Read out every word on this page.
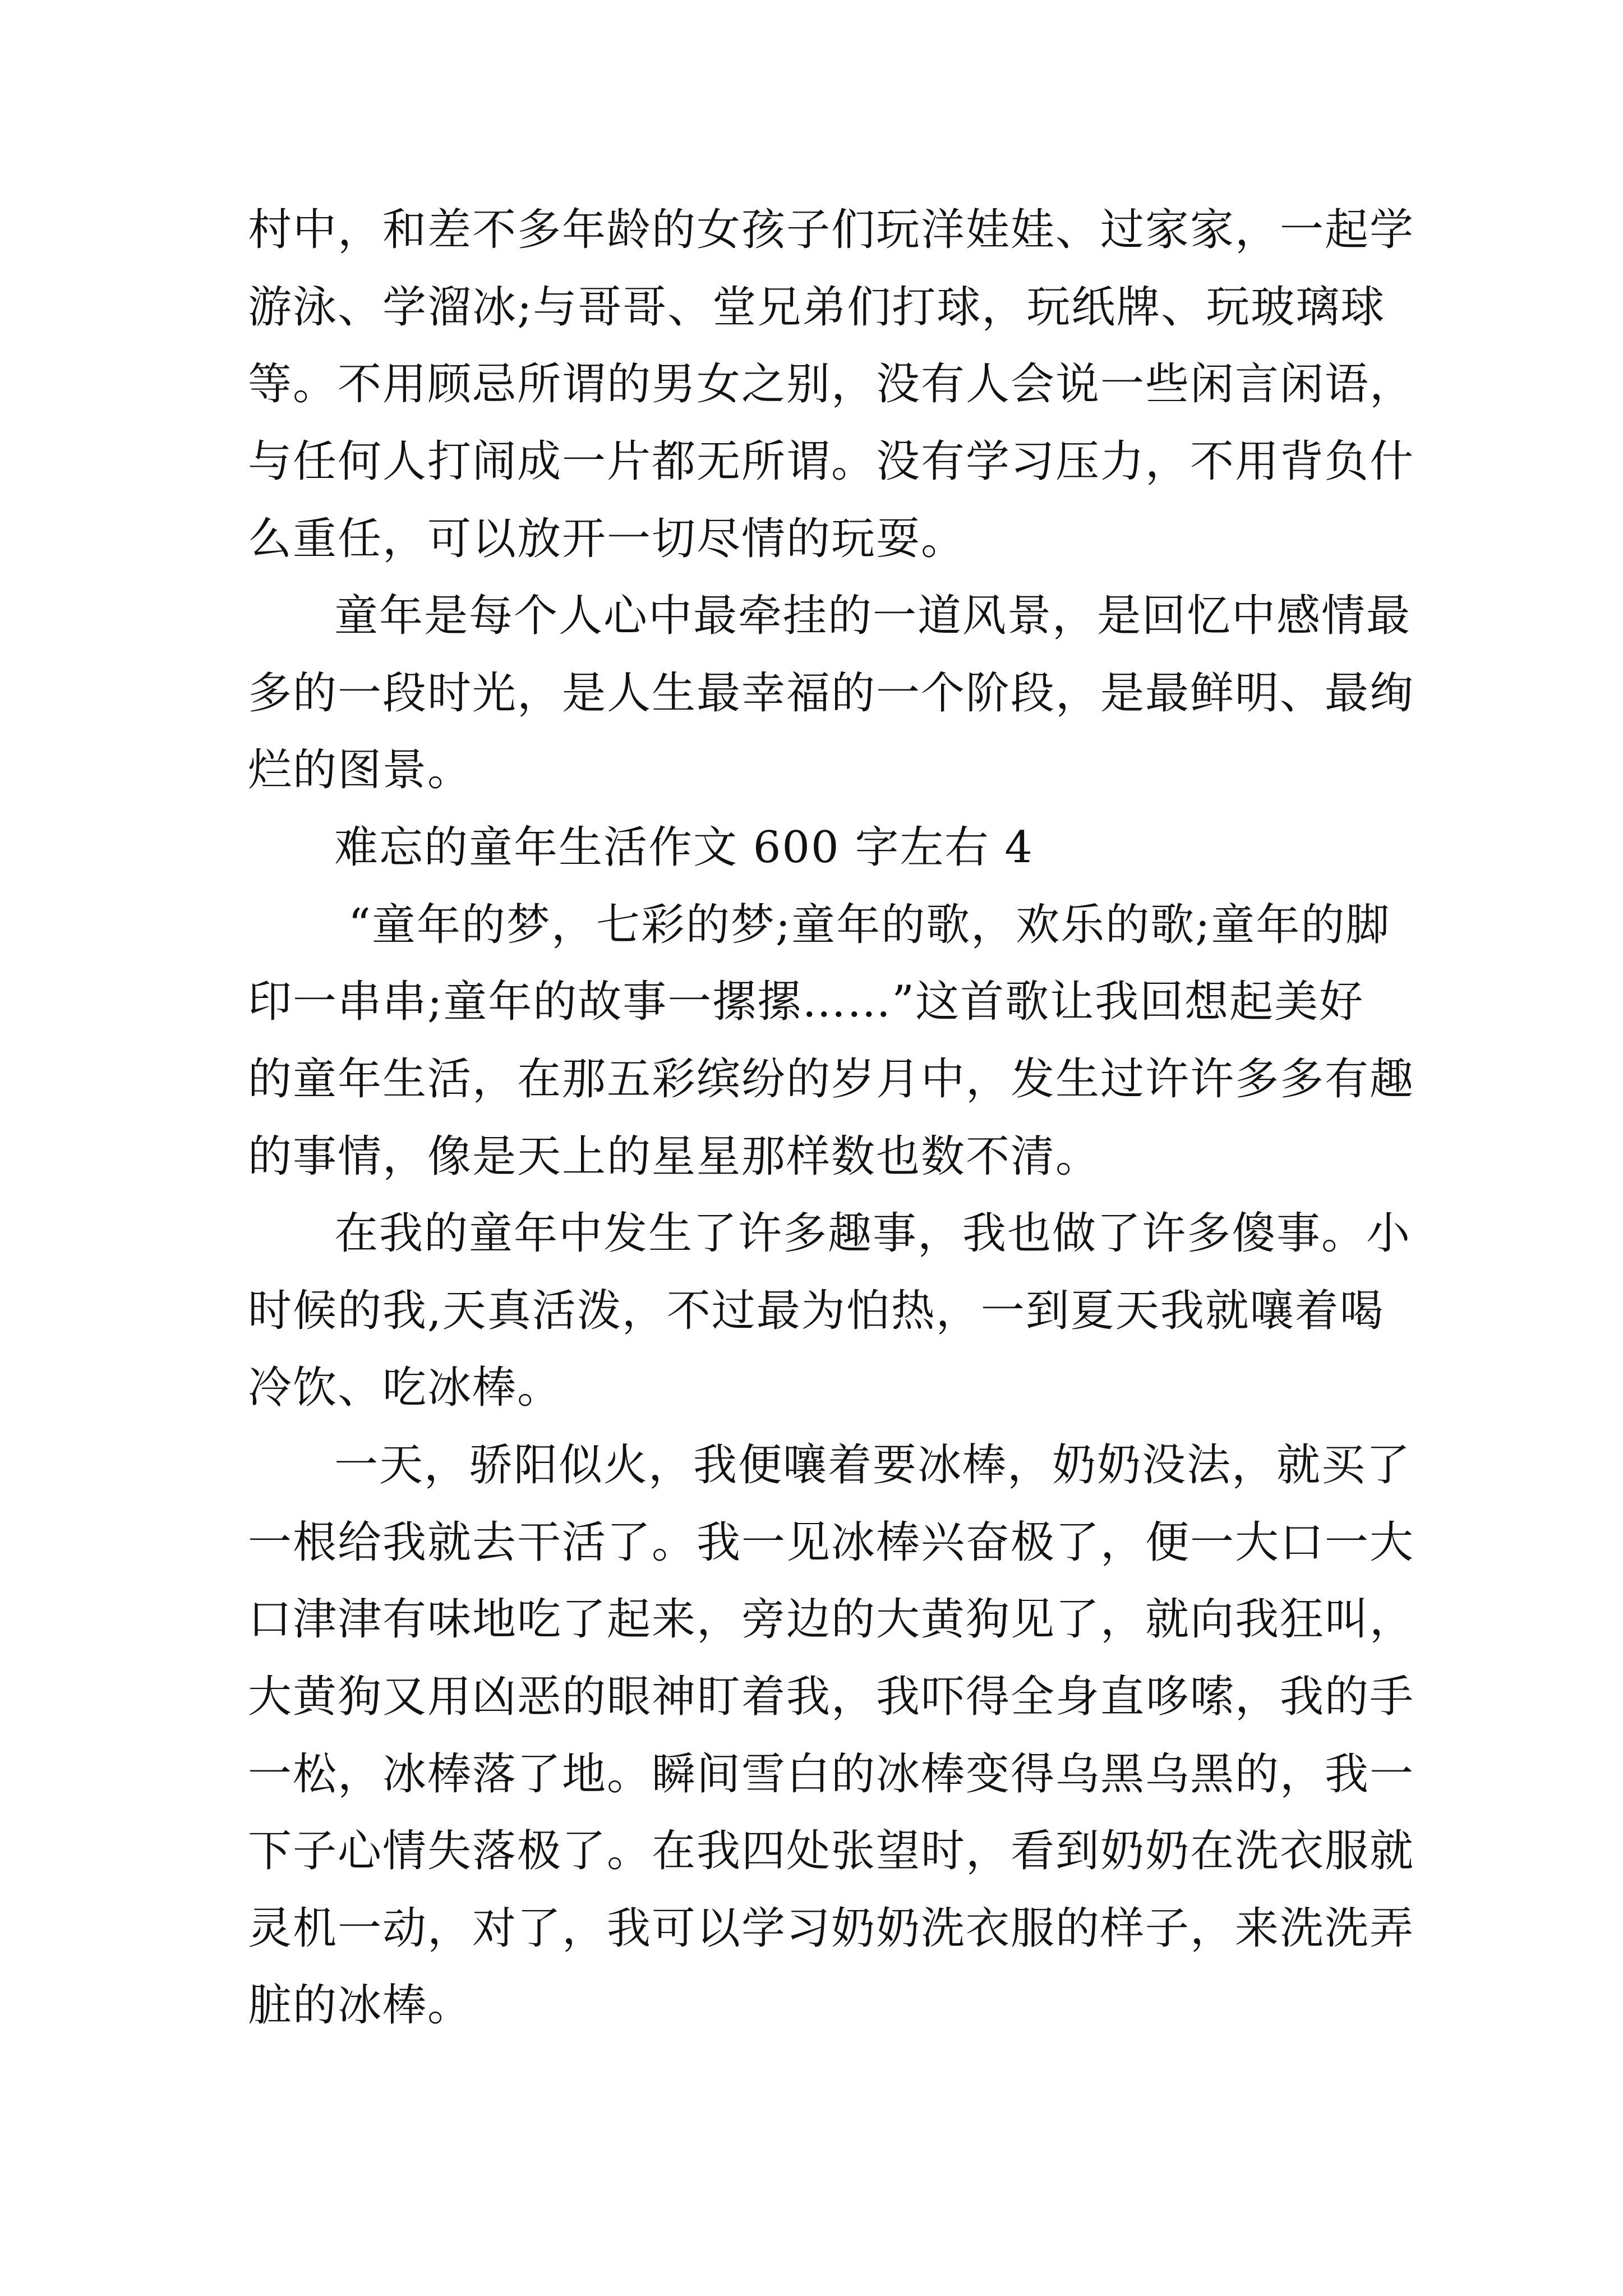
村中，和差不多年龄的女孩子们玩洋娃娃、过家家，一起学
游泳、学溜冰;与哥哥、堂兄弟们打球，玩纸牌、玩玻璃球
等。不用顾忌所谓的男女之别，没有人会说一些闲言闲语，
与任何人打闹成一片都无所谓。没有学习压力，不用背负什
么重任，可以放开一切尽情的玩耍。
童年是每个人心中最牵挂的一道风景，是回忆中感情最
多的一段时光，是人生最幸福的一个阶段，是最鲜明、最绚
烂的图景。
难忘的童年生活作文 600 字左右 4
“童年的梦，七彩的梦;童年的歌，欢乐的歌;童年的脚
印一串串;童年的故事一摞摞……”这首歌让我回想起美好
的童年生活，在那五彩缤纷的岁月中，发生过许许多多有趣
的事情，像是天上的星星那样数也数不清。
在我的童年中发生了许多趣事，我也做了许多傻事。小
时候的我,天真活泼，不过最为怕热，一到夏天我就嚷着喝
冷饮、吃冰棒。
一天，骄阳似火，我便嚷着要冰棒，奶奶没法，就买了
一根给我就去干活了。我一见冰棒兴奋极了，便一大口一大
口津津有味地吃了起来，旁边的大黄狗见了，就向我狂叫，
大黄狗又用凶恶的眼神盯着我，我吓得全身直哆嗦，我的手
一松，冰棒落了地。瞬间雪白的冰棒变得乌黑乌黑的，我一
下子心情失落极了。在我四处张望时，看到奶奶在洗衣服就
灵机一动，对了，我可以学习奶奶洗衣服的样子，来洗洗弄
脏的冰棒。
